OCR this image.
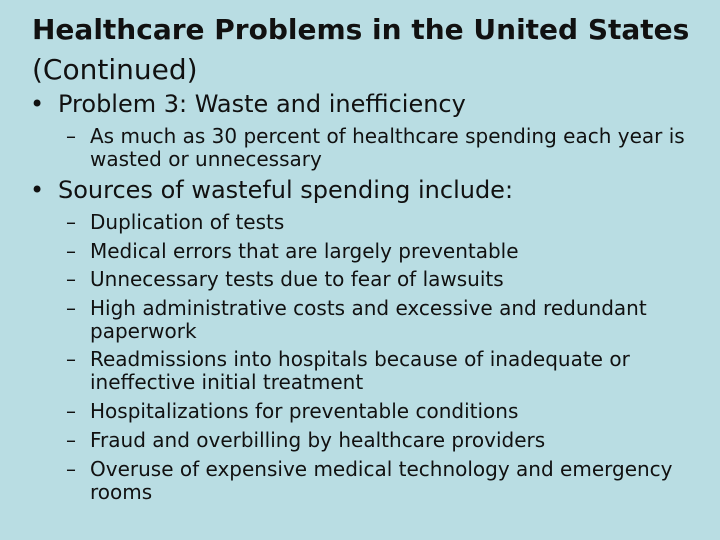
Healthcare Problems in the United States (Continued)
• Problem 3: Waste and inefficiency
– As much as 30 percent of healthcare spending each year is wasted or unnecessary
• Sources of wasteful spending include:
– Duplication of tests
– Medical errors that are largely preventable
– Unnecessary tests due to fear of lawsuits
– High administrative costs and excessive and redundant paperwork
– Readmissions into hospitals because of inadequate or ineffective initial treatment
– Hospitalizations for preventable conditions
– Fraud and overbilling by healthcare providers
– Overuse of expensive medical technology and emergency rooms
